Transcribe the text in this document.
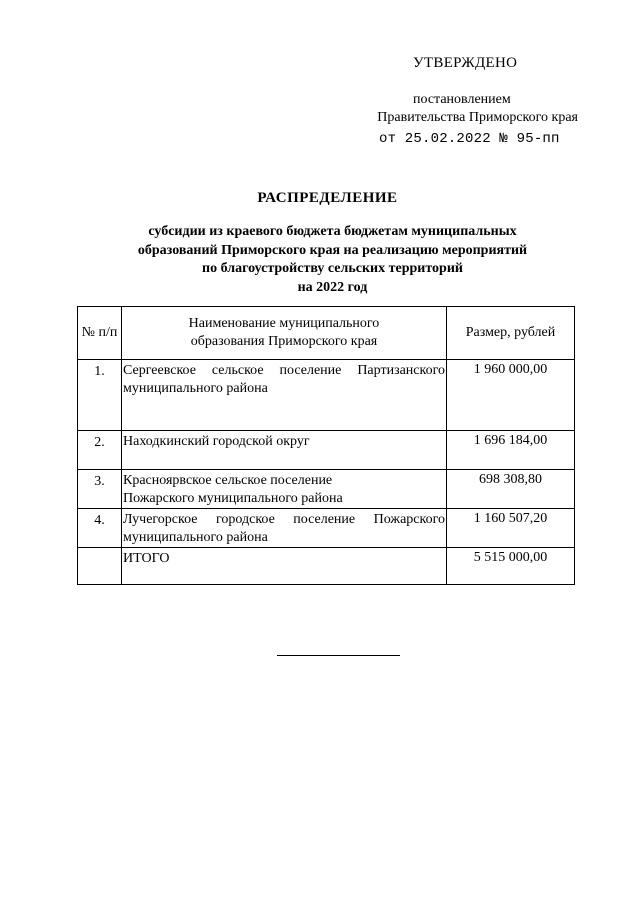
УТВЕРЖДЕНО
постановлением
Правительства Приморского края
от 25.02.2022 № 95-пп
РАСПРЕДЕЛЕНИЕ
субсидии из краевого бюджета бюджетам муниципальных
образований Приморского края на реализацию мероприятий
по благоустройству сельских территорий
на 2022 год
№ п/п	Наименование муниципального
образования Приморского края	Размер, рублей
1.	Сергеевское сельское поселение Партизанского
муниципального района	1 960 000,00
2.	Находкинский городской округ	1 696 184,00
3.	Красноярвское сельское поселение
Пожарского муниципального района	698 308,80
4.	Лучегорское городское поселение Пожарского
муниципального района	1 160 507,20
	ИТОГО	5 515 000,00
